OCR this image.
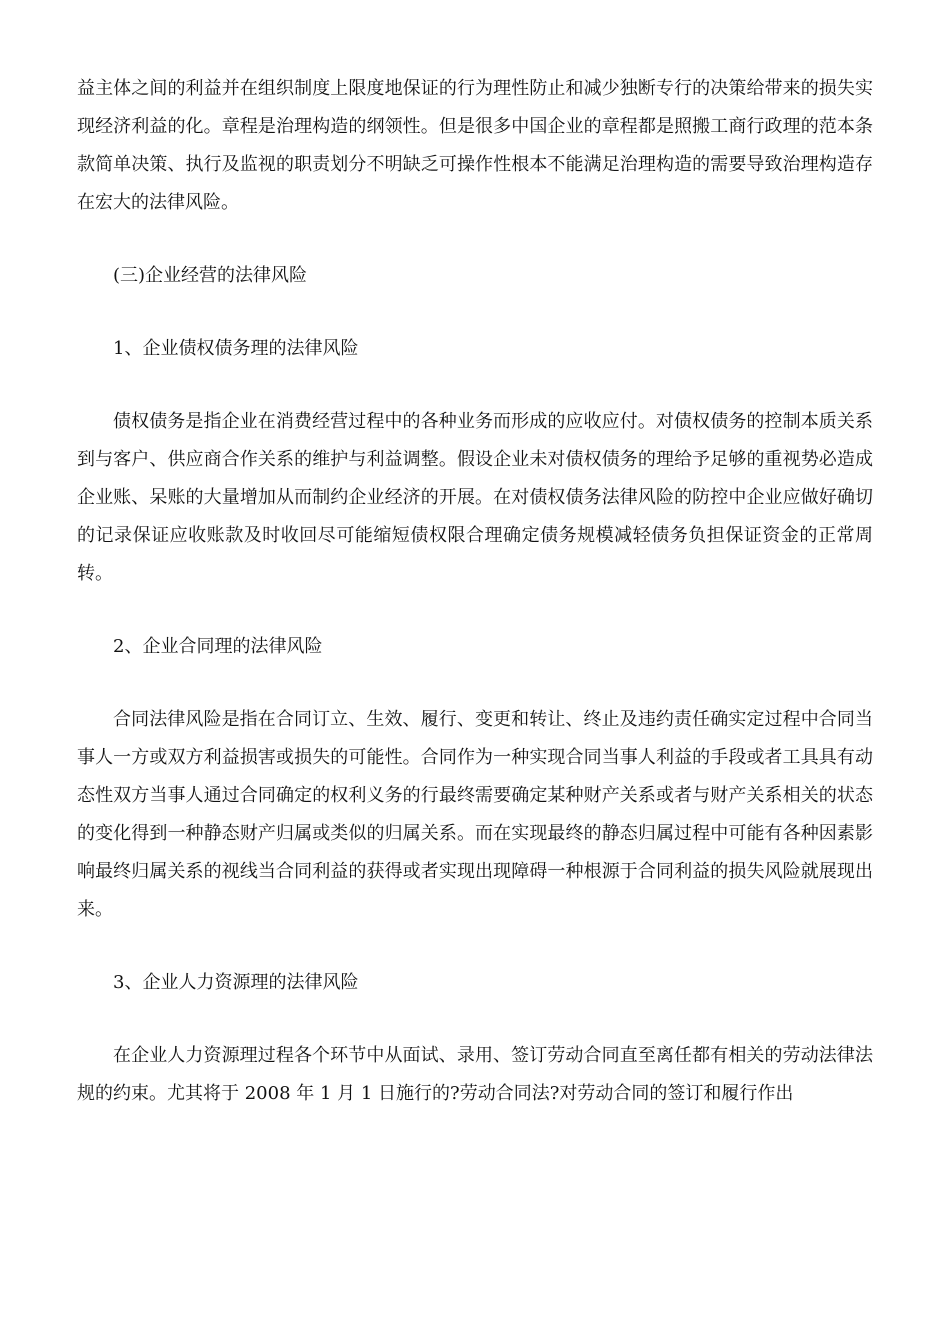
益主体之间的利益并在组织制度上限度地保证的行为理性防止和减少独断专行的决策给带来的损失实现经济利益的化。章程是治理构造的纲领性。但是很多中国企业的章程都是照搬工商行政理的范本条款简单决策、执行及监视的职责划分不明缺乏可操作性根本不能满足治理构造的需要导致治理构造存在宏大的法律风险。

(三)企业经营的法律风险

1、企业债权债务理的法律风险

债权债务是指企业在消费经营过程中的各种业务而形成的应收应付。对债权债务的控制本质关系到与客户、供应商合作关系的维护与利益调整。假设企业未对债权债务的理给予足够的重视势必造成企业账、呆账的大量增加从而制约企业经济的开展。在对债权债务法律风险的防控中企业应做好确切的记录保证应收账款及时收回尽可能缩短债权限合理确定债务规模减轻债务负担保证资金的正常周转。

2、企业合同理的法律风险

合同法律风险是指在合同订立、生效、履行、变更和转让、终止及违约责任确实定过程中合同当事人一方或双方利益损害或损失的可能性。合同作为一种实现合同当事人利益的手段或者工具具有动态性双方当事人通过合同确定的权利义务的行最终需要确定某种财产关系或者与财产关系相关的状态的变化得到一种静态财产归属或类似的归属关系。而在实现最终的静态归属过程中可能有各种因素影响最终归属关系的视线当合同利益的获得或者实现出现障碍一种根源于合同利益的损失风险就展现出来。

3、企业人力资源理的法律风险

在企业人力资源理过程各个环节中从面试、录用、签订劳动合同直至离任都有相关的劳动法律法规的约束。尤其将于 2008 年 1 月 1 日施行的?劳动合同法?对劳动合同的签订和履行作出
